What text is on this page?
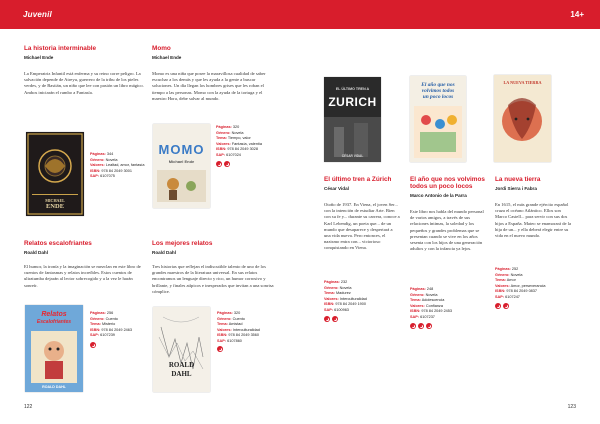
Juvenil	14+
La historia interminable
Michael Ende
La Emperatriz Infantil está enferma y su reino corre peligro. La salvación depende de Atreyu, guerrero de la tribu de los pieles verdes, y de Bastián, un niño que lee con pasión un libro mágico. Ambos iniciarán el rumbo a Fantasía.
MICHAEL
ENDE
Páginas: 344
Género: Novela
Valores: Lealtad, amor, fantasía
ISBN: 978 84 2049 3001
SAP: 6107075
Momo
Michael Ende
Momo es una niña que posee la maravillosa cualidad de saber escuchar a los demás y que les ayuda a la gente a buscar soluciones. Un día llegan los hombres grises que les roban el tiempo a las personas. Momo con la ayuda de la tortuga y el maestro Hora, debe salvar al mundo.
MOMO
Michael Ende
Páginas: 320
Género: Novela
Tema: Tiempo, valor
Valores: Fantasía, valentía
ISBN: 978 84 2049 3028
SAP: 6107024
Relatos escalofriantes
Roald Dahl
El humor, la ironía y la imaginación se mezclan en este libro de cuentos de fantasmas y relatos increíbles. Estos cuentos de ultratumba dejarán al lector sobrecogido y a la vez le harán sonreír.
Relatos
Escalofriantes
ROALD DAHL
Páginas: 256
Género: Cuento
Tema: Misterio
ISBN: 978 84 2049 2463
SAP: 6107239
Los mejores relatos
Roald Dahl
Tres historias que reflejan el indiscutible talento de uno de los grandes maestros de la literatura universal. En sus relatos encontramos un lenguaje directo y rico, un humor corrosivo y brillante, y finales atípicos e inesperados que invitan a una sonrisa cómplice.
ROALD
DAHL
Páginas: 320
Género: Cuento
Tema: Amistad
Valores: Interculturalidad
ISBN: 978 84 2049 3560
SAP: 6107860
122
EL ÚLTIMO TREN A
ZURICH
CÉSAR VIDAL
El año que nos
volvimos todos
un poco locos
LA NUEVA TIERRA
El último tren a Zúrich
César Vidal
Otoño de 1937. En Viena, el joven Ser... con la intención de estudiar Arte. Bien con su fe y... durante su carrera, conoce a Karl Lebendig, un poeta que... de un mundo que desaparece y despertará a una vida nueva. Pero entonces, el nazismo entra con... victorioso conquistando en Viena.
Páginas: 232
Género: Novela
Tema: Madurez
Valores: Interculturalidad
ISBN: 978 84 2049 1900
SAP: 6100963
El año que nos volvimos todos un poco locos
Marco Antonio de la Parra
Este libro nos habla del mundo personal de varios amigos, a través de sus relaciones íntimas, la soledad y los pequeños y grandes problemas que se presentan cuando se vive en los años sesenta con los hijos de una generación adultos y con la infancia ya lejos.
Páginas: 248
Género: Novela
Tema: Adolescencia
Valores: Confianza
ISBN: 978 84 2049 2453
SAP: 6107237
La nueva tierra
Jordi Sierra i Fabra
En 1615, el más grande ejército español cruza el océano Atlántico. Ellos son Marco Castell... para servir con sus dos hijos a España. Mateo se enamorará de la hija de un... y ella deberá elegir entre su vida en el nuevo mundo.
Páginas: 252
Género: Novela
Tema: Amor
Valores: Amor, perseverancia
ISBN: 978 84 2049 0837
SAP: 6107247
123
